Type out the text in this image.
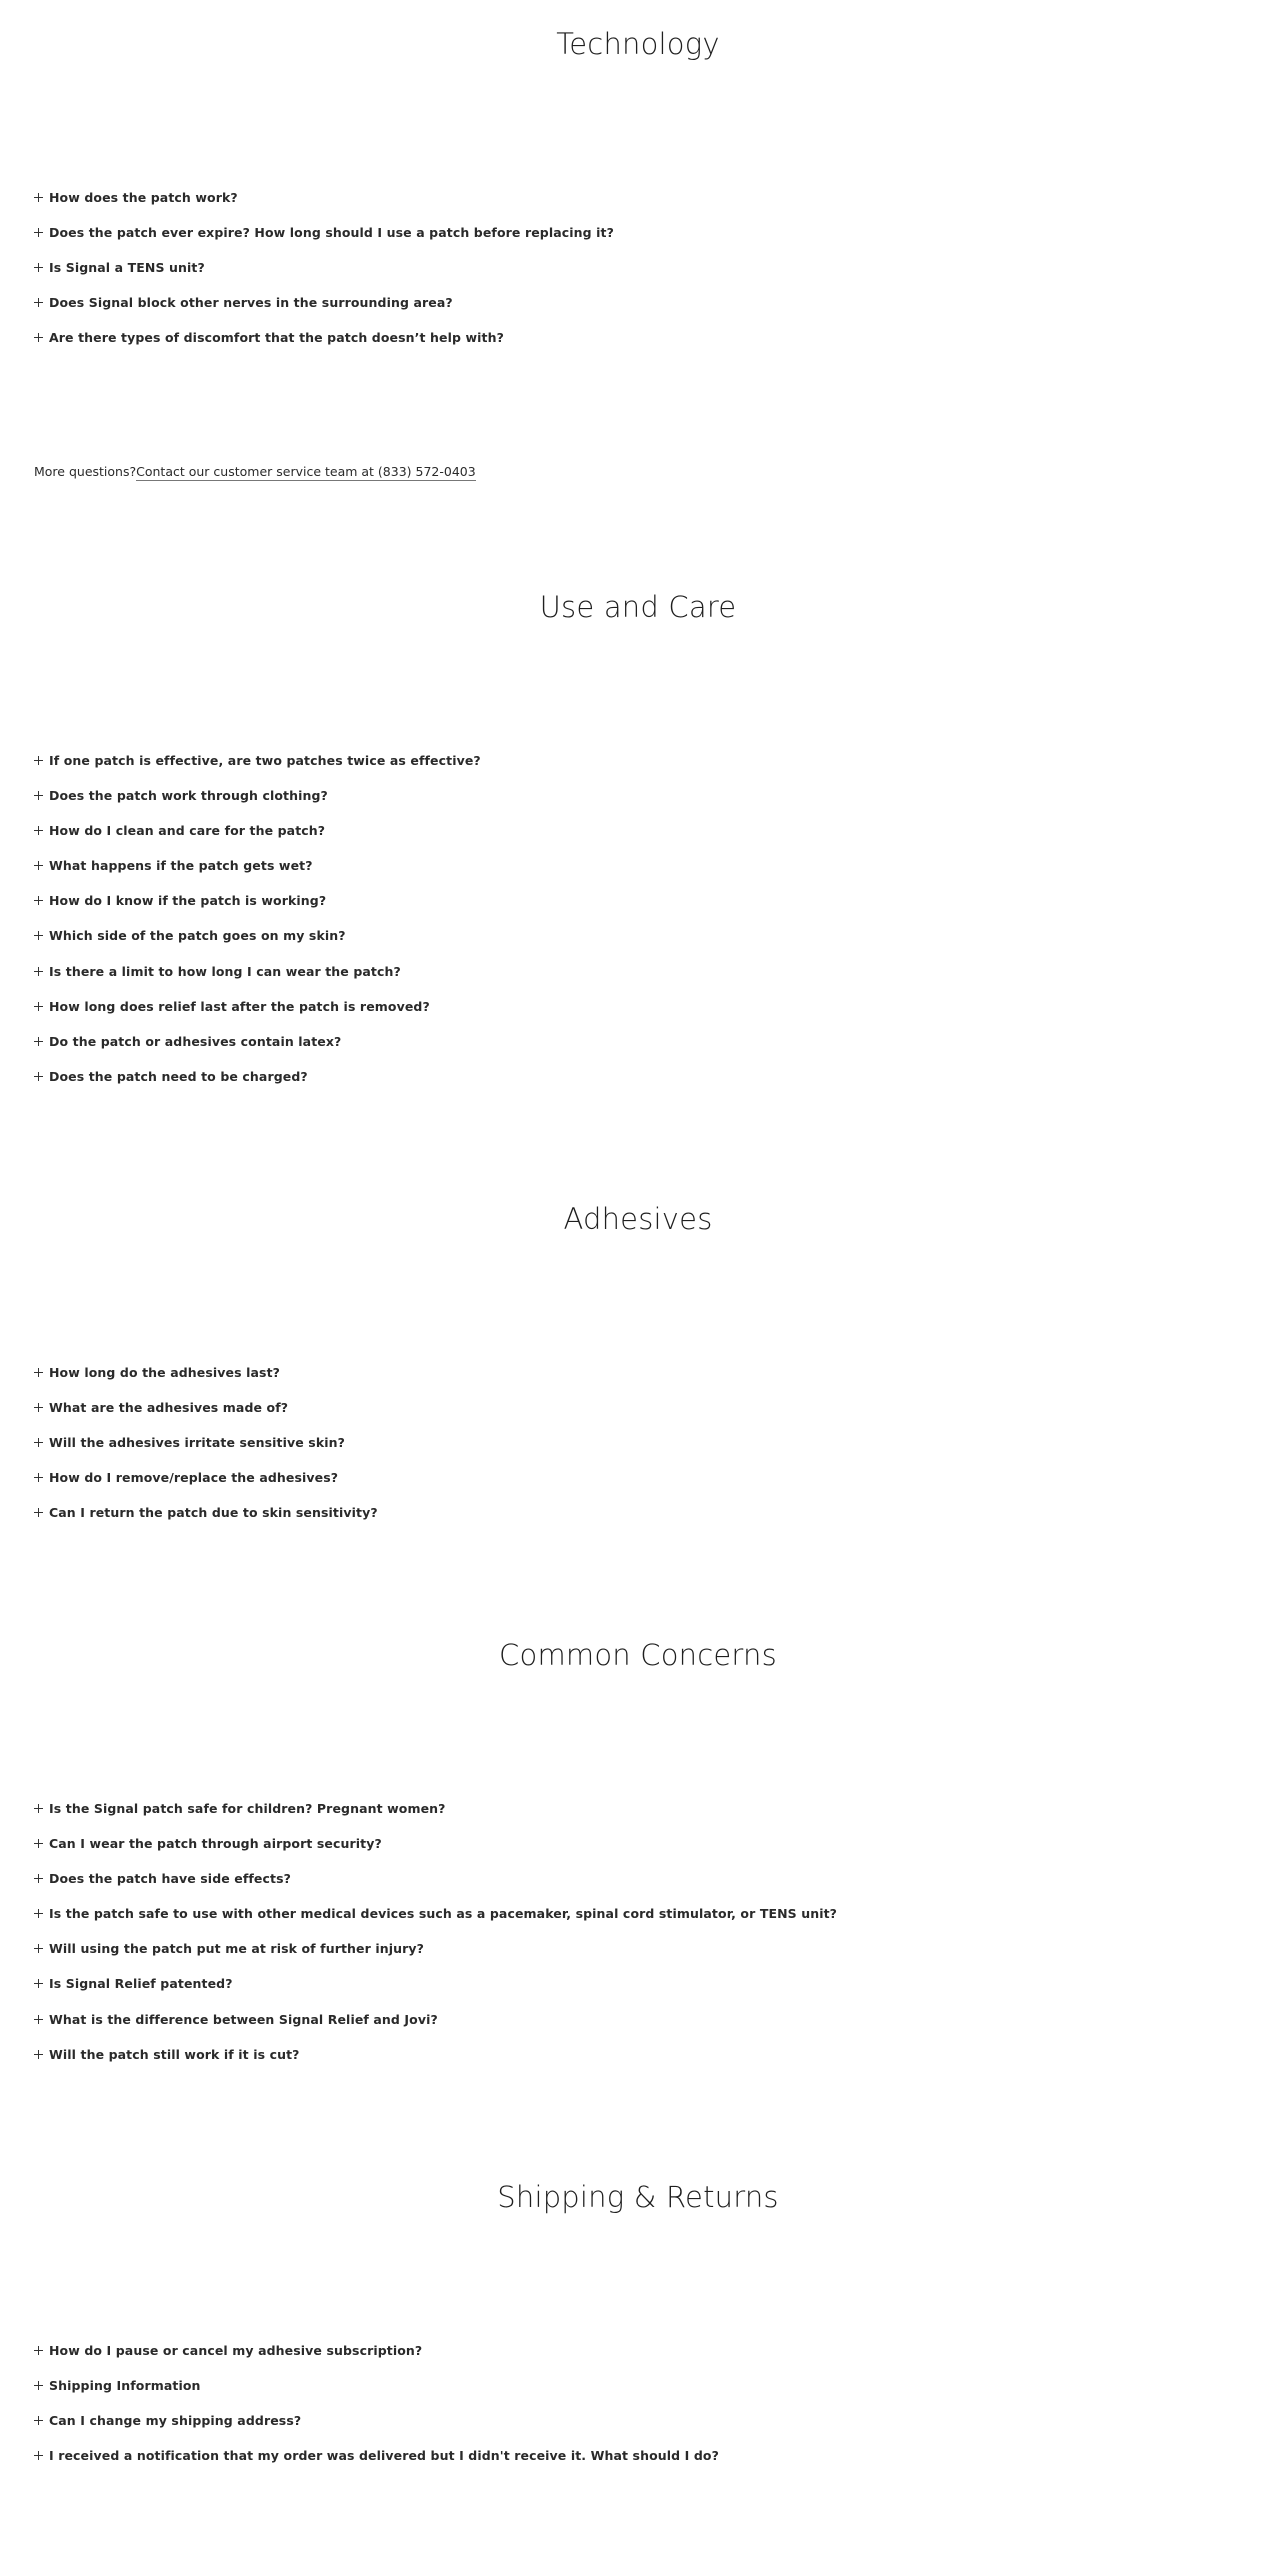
Technology
How does the patch work?
Does the patch ever expire? How long should I use a patch before replacing it?
Is Signal a TENS unit?
Does Signal block other nerves in the surrounding area?
Are there types of discomfort that the patch doesn’t help with?
More questions?Contact our customer service team at (833) 572-0403
Use and Care
If one patch is effective, are two patches twice as effective?
Does the patch work through clothing?
How do I clean and care for the patch?
What happens if the patch gets wet?
How do I know if the patch is working?
Which side of the patch goes on my skin?
Is there a limit to how long I can wear the patch?
How long does relief last after the patch is removed?
Do the patch or adhesives contain latex?
Does the patch need to be charged?
Adhesives
How long do the adhesives last?
What are the adhesives made of?
Will the adhesives irritate sensitive skin?
How do I remove/replace the adhesives?
Can I return the patch due to skin sensitivity?
Common Concerns
Is the Signal patch safe for children? Pregnant women?
Can I wear the patch through airport security?
Does the patch have side effects?
Is the patch safe to use with other medical devices such as a pacemaker, spinal cord stimulator, or TENS unit?
Will using the patch put me at risk of further injury?
Is Signal Relief patented?
What is the difference between Signal Relief and Jovi?
Will the patch still work if it is cut?
Shipping & Returns
How do I pause or cancel my adhesive subscription?
Shipping Information
Can I change my shipping address?
I received a notification that my order was delivered but I didn't receive it. What should I do?
